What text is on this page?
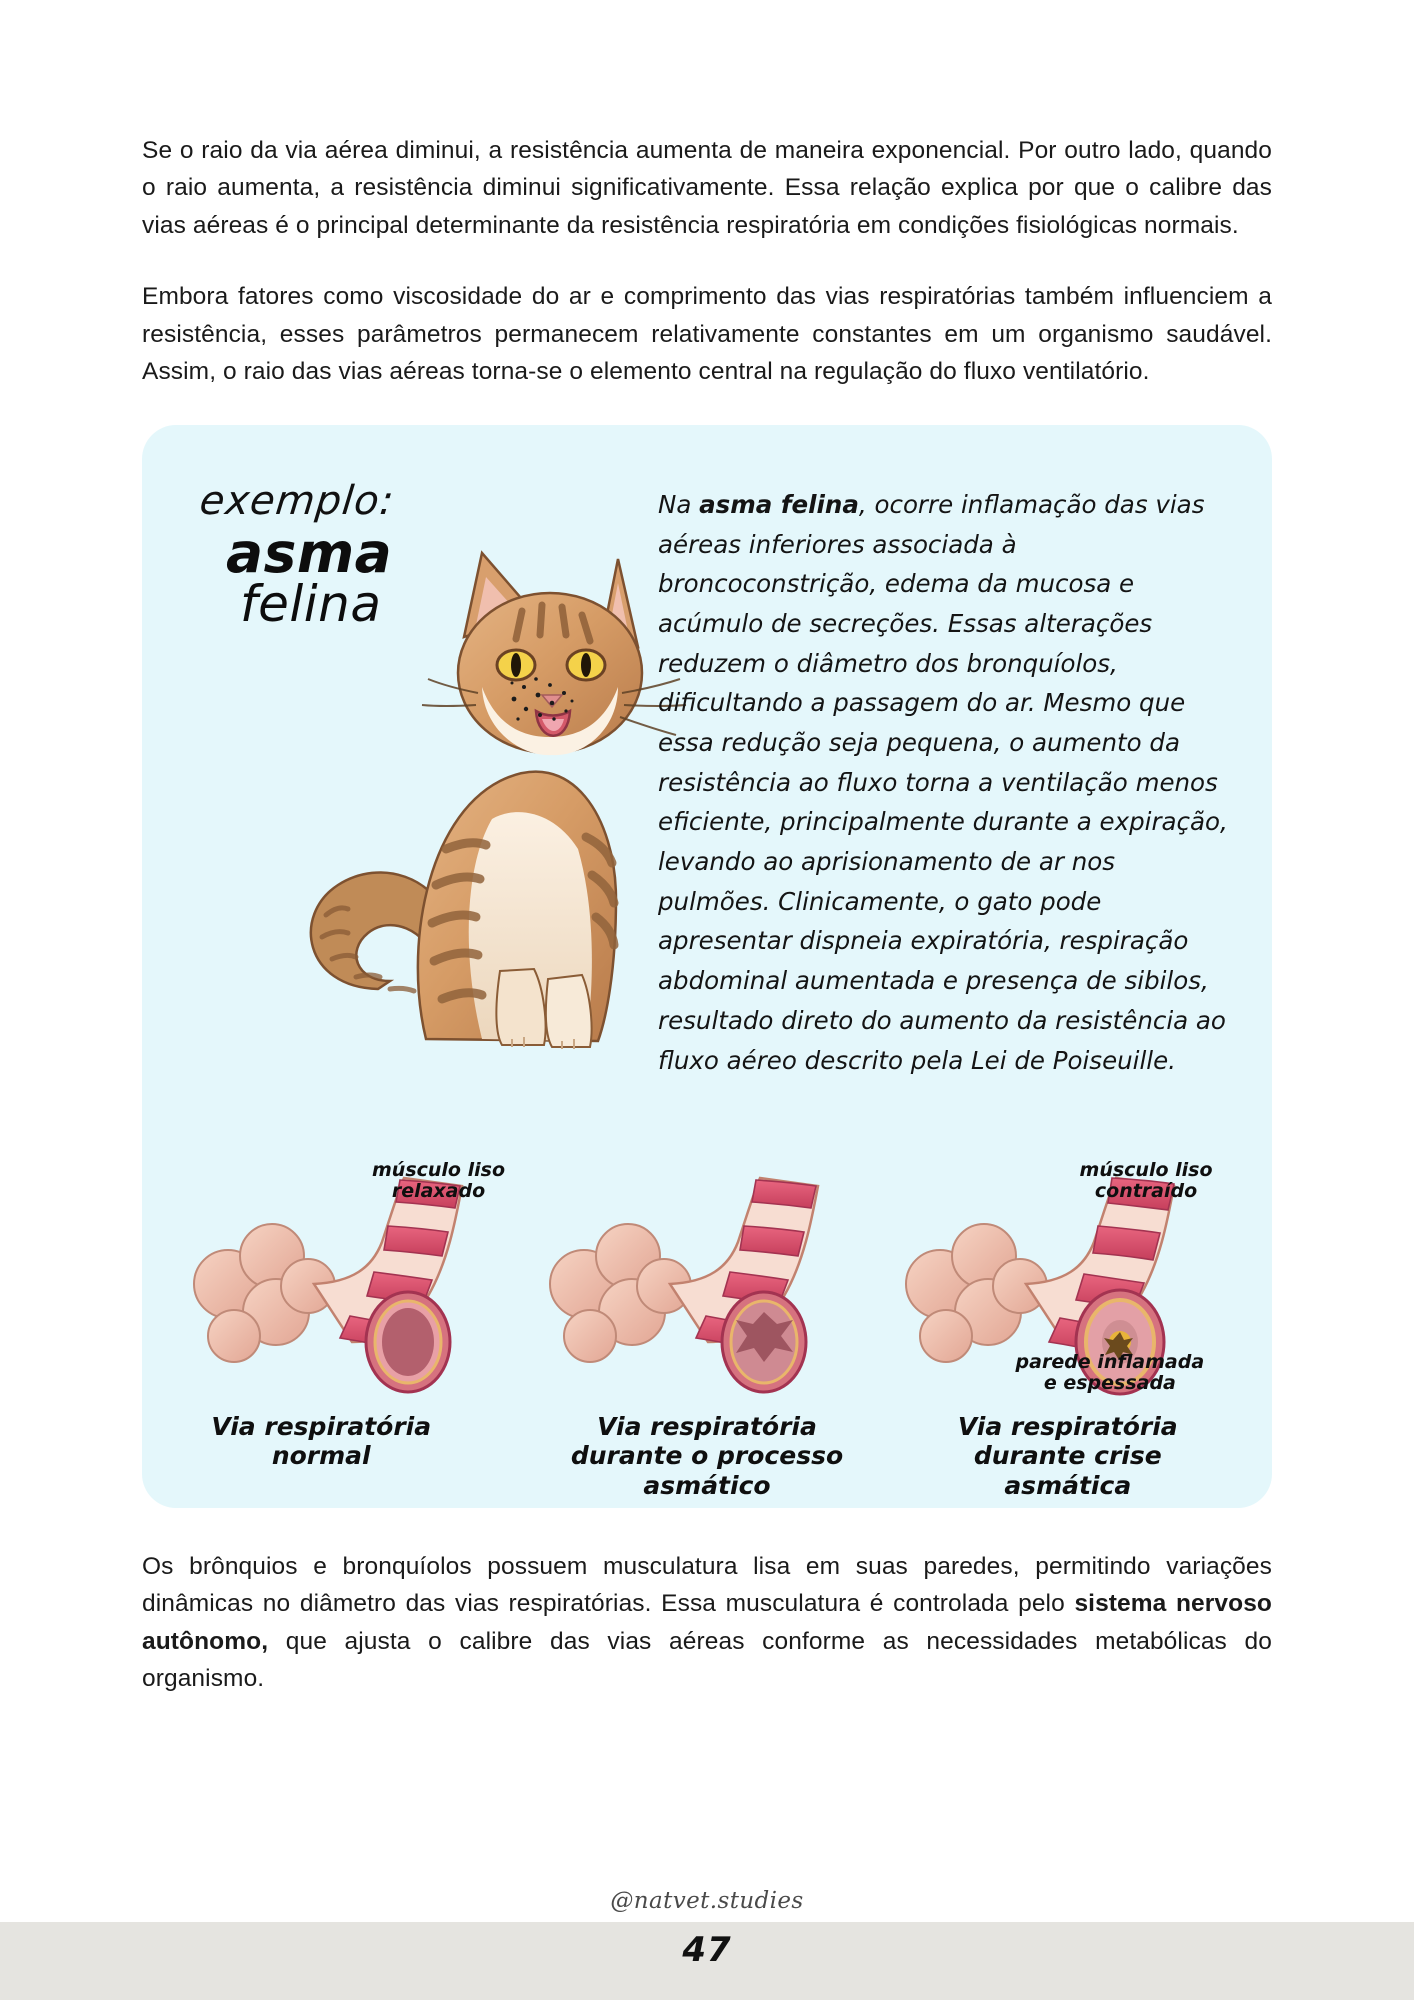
Se o raio da via aérea diminui, a resistência aumenta de maneira exponencial. Por outro lado, quando o raio aumenta, a resistência diminui significativamente. Essa relação explica por que o calibre das vias aéreas é o principal determinante da resistência respiratória em condições fisiológicas normais.

Embora fatores como viscosidade do ar e comprimento das vias respiratórias também influenciem a resistência, esses parâmetros permanecem relativamente constantes em um organismo saudável. Assim, o raio das vias aéreas torna-se o elemento central na regulação do fluxo ventilatório.

exemplo:
asma
felina
Na asma felina, ocorre inflamação das vias aéreas inferiores associada à broncoconstrição, edema da mucosa e acúmulo de secreções. Essas alterações reduzem o diâmetro dos bronquíolos, dificultando a passagem do ar. Mesmo que essa redução seja pequena, o aumento da resistência ao fluxo torna a ventilação menos eficiente, principalmente durante a expiração, levando ao aprisionamento de ar nos pulmões. Clinicamente, o gato pode apresentar dispneia expiratória, respiração abdominal aumentada e presença de sibilos, resultado direto do aumento da resistência ao fluxo aéreo descrito pela Lei de Poiseuille.
músculo liso
relaxado
músculo liso
contraído
parede inflamada
e espessada
Via respiratória
normal
Via respiratória
durante o processo
asmático
Via respiratória
durante crise
asmática

Os brônquios e bronquíolos possuem musculatura lisa em suas paredes, permitindo variações dinâmicas no diâmetro das vias respiratórias. Essa musculatura é controlada pelo sistema nervoso autônomo, que ajusta o calibre das vias aéreas conforme as necessidades metabólicas do organismo.

@natvet.studies
47
